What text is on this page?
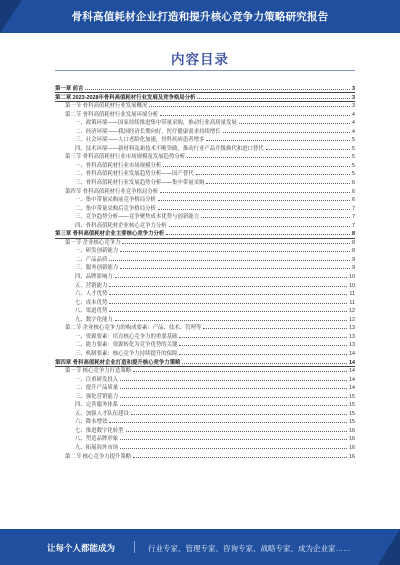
骨科高值耗材企业打造和提升核心竞争力策略研究报告
内容目录
第一章 前言	3
第二章 2023-2028年骨科高值耗材行业发展及竞争格局分析	3
第一节 骨科高值耗材行业发展概况	3
第二节 骨科高值耗材行业发展环境分析	4
一、政策环境——国家持续推进集中带量采购，推动行业高质量发展	4
二、经济环境——我国经济长期向好，医疗健康需求持续增长	4
三、社会环境——人口老龄化加速，骨科疾病患者增多	5
四、技术环境——新材料及新技术不断突破，推动行业产品升级换代和进口替代	5
第三节 骨科高值耗材行业市场规模及发展趋势分析	5
一、骨科高值耗材行业市场规模分析	5
二、骨科高值耗材行业发展趋势分析——国产替代	5
三、骨科高值耗材行业发展趋势分析——集中带量采购	6
第四节 骨科高值耗材行业竞争格局分析	6
一、集中带量采购前竞争格局分析	6
二、集中带量采购后竞争格局分析	7
三、竞争趋势分析——竞争聚焦成本优势与创新能力	7
四、骨科高值耗材企业核心竞争力分析	7
第三章 骨科高值耗材企业主要核心竞争力分析	8
第一节 企业核心竞争力	8
一、研发创新能力	8
二、产品品质	9
三、服务创新能力	9
四、品牌影响力	10
五、营销能力	10
六、人才优势	11
七、成本优势	11
八、渠道优势	12
九、数字化能力	12
第二节 企业核心竞争力的构成要素：产品、技术、管理等	13
一、资源要素：培育核心竞争力的重要基础	13
二、能力要素：资源转化为竞争优势的关键	13
三、机制要素：核心竞争力持续提升的保障	14
第四章 骨科高值耗材企业打造和提升核心竞争力策略	14
第一节 核心竞争力打造策略	14
一、注重研发投入	14
二、提升产品质量	14
三、强化营销能力	15
四、完善服务体系	15
五、加强人才队伍建设	15
六、降本增效	15
七、推进数字化转型	16
八、塑造品牌形象	16
九、拓展海外市场	16
第二节 核心竞争力提升策略	16
让每个人都能成为	行业专家、管理专家、咨询专家、战略专家、成为企业家……
